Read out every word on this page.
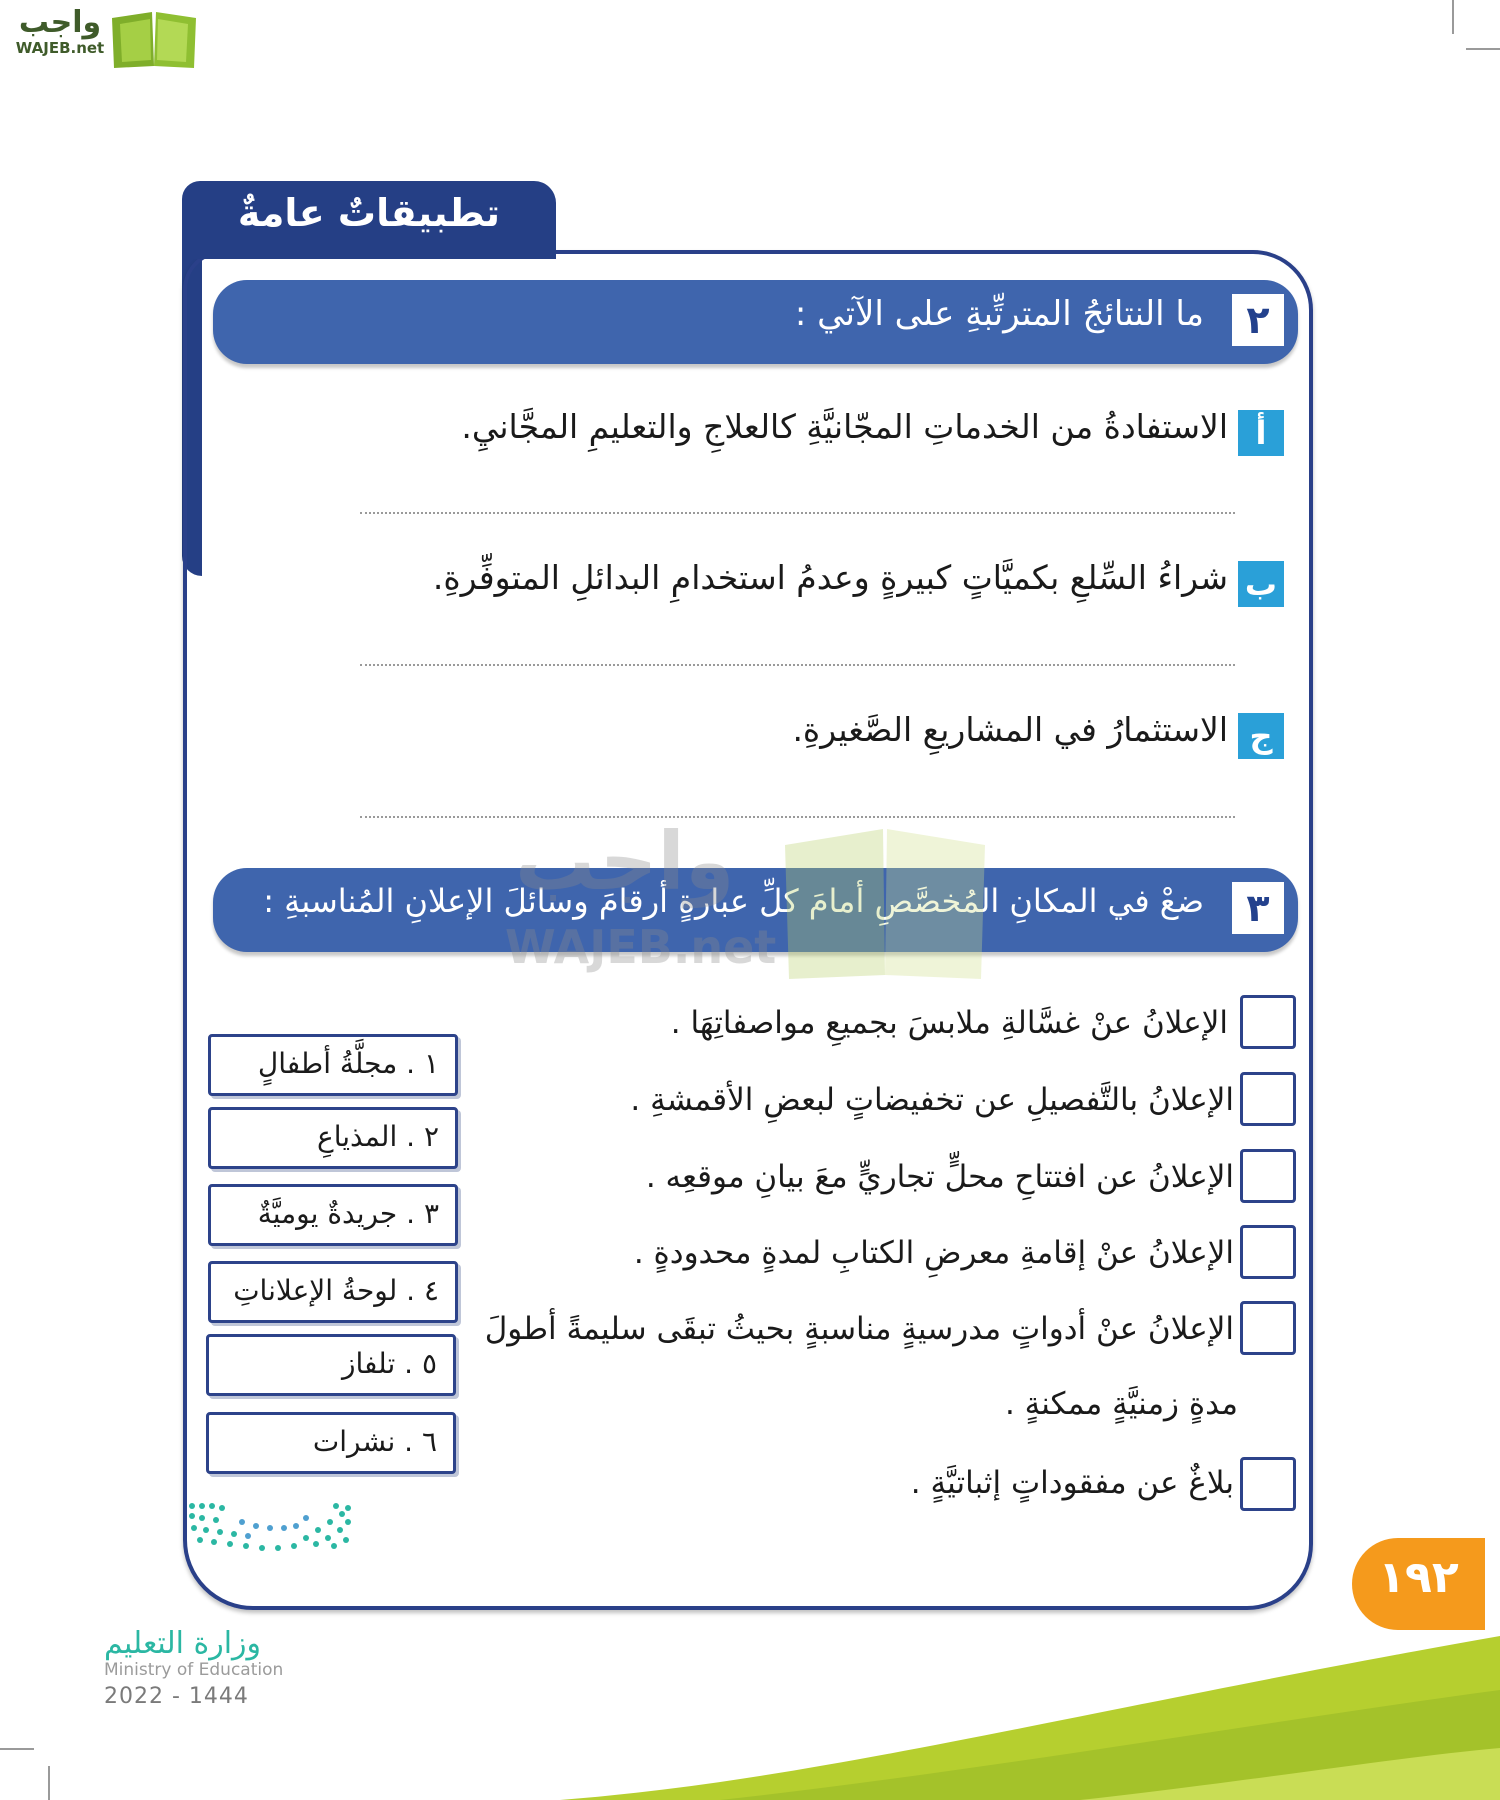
واجب
WAJEB.net
تطبيقاتٌ عامةٌ
٢
ما النتائجُ المترتِّبةِ على الآتي :
أ
الاستفادةُ من الخدماتِ المجّانيَّةِ كالعلاجِ والتعليمِ المجَّانيِ.
ب
شراءُ السِّلعِ بكميَّاتٍ كبيرةٍ وعدمُ استخدامِ البدائلِ المتوفِّرةِ.
ج
الاستثمارُ في المشاريعِ الصَّغيرةِ.
٣
ضعْ في المكانِ المُخصَّصِ أمامَ كلِّ عبارةٍ أرقامَ وسائلَ الإعلانِ المُناسبةِ :
واجب
WAJEB.net
الإعلانُ عنْ غسَّالةِ ملابسَ بجميعِ مواصفاتِهَا .
الإعلانُ بالتَّفصيلِ عن تخفيضاتٍ لبعضِ الأقمشةِ .
الإعلانُ عن افتتاحِ محلٍّ تجاريٍّ معَ بيانِ موقعِه .
الإعلانُ عنْ إقامةِ معرضِ الكتابِ لمدةٍ محدودةٍ .
الإعلانُ عنْ أدواتٍ مدرسيةٍ مناسبةٍ بحيثُ تبقَى سليمةً أطولَ
مدةٍ زمنيَّةٍ ممكنةٍ .
بلاغٌ عن مفقوداتٍ إثباتيَّةٍ .
١ . مجلَّةُ أطفالٍ
٢ . المذياعِ
٣ . جريدةٌ يوميَّةٌ
٤ . لوحةُ الإعلاناتِ
٥ . تلفاز
٦ . نشرات
١٩٢
وزارة التعليم
Ministry of Education
2022 - 1444
